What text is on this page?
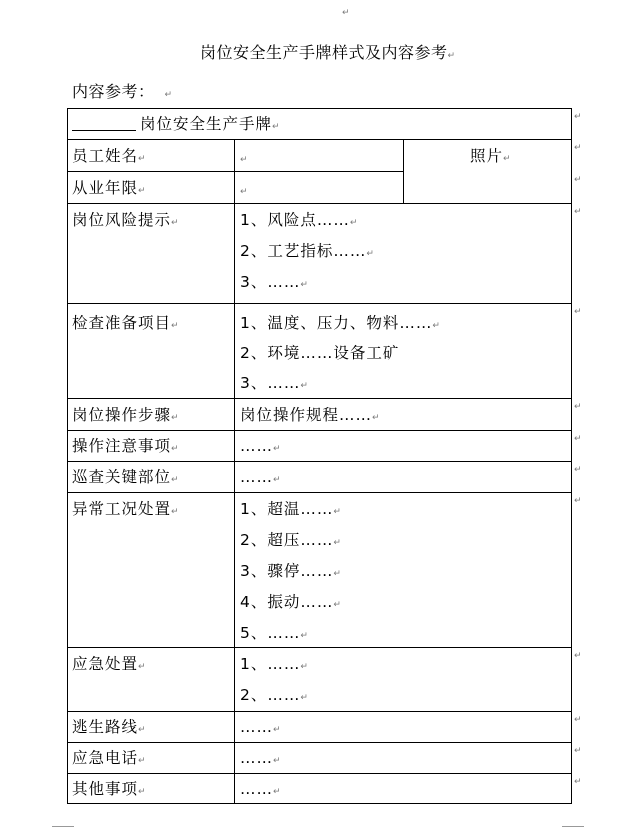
↵
岗位安全生产手牌样式及内容参考↵
内容参考： ↵
↵
↵
↵
↵
↵
↵
↵
↵
↵
↵
↵
↵
↵
岗位安全生产手牌↵
员工姓名↵	↵	照片↵
从业年限↵	↵
岗位风险提示↵	1、风险点……↵
2、工艺指标……↵
3、……↵
检查准备项目↵	1、温度、压力、物料……↵
2、环境……设备工矿
3、……↵
岗位操作步骤↵	岗位操作规程……↵
操作注意事项↵	……↵
巡查关键部位↵	……↵
异常工况处置↵	1、超温……↵
2、超压……↵
3、骤停……↵
4、振动……↵
5、……↵
应急处置↵	1、……↵
2、……↵
逃生路线↵	……↵
应急电话↵	……↵
其他事项↵	……↵
